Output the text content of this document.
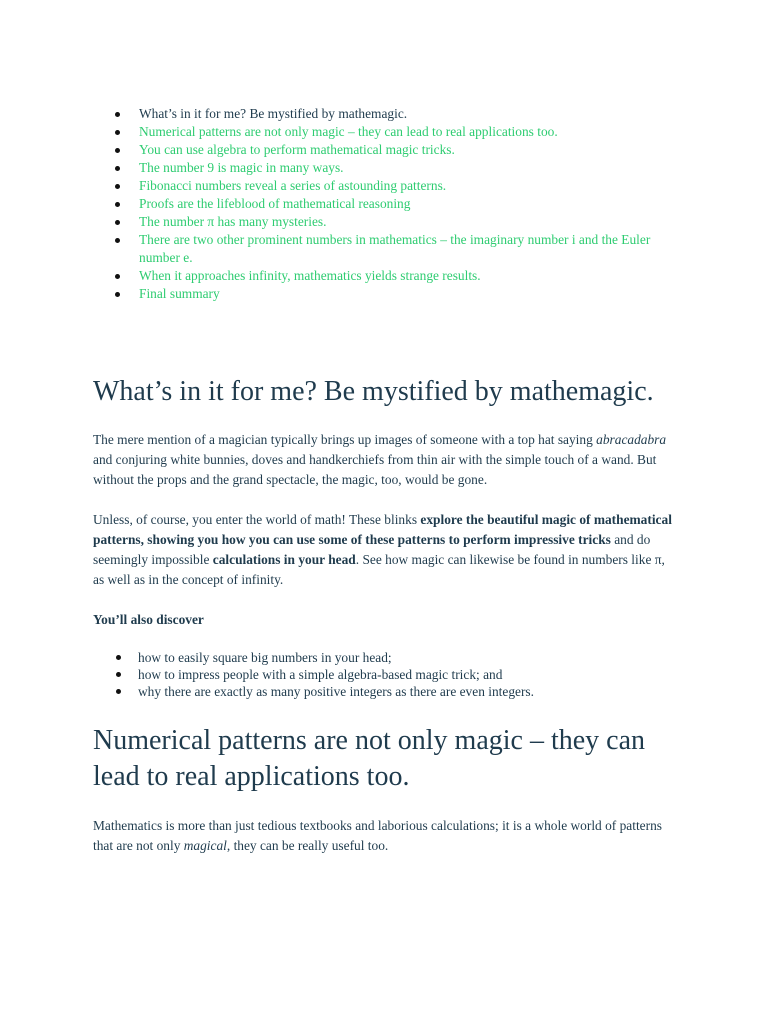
What’s in it for me? Be mystified by mathemagic.
Numerical patterns are not only magic – they can lead to real applications too.
You can use algebra to perform mathematical magic tricks.
The number 9 is magic in many ways.
Fibonacci numbers reveal a series of astounding patterns.
Proofs are the lifeblood of mathematical reasoning
The number π has many mysteries.
There are two other prominent numbers in mathematics – the imaginary number i and the Euler number e.
When it approaches infinity, mathematics yields strange results.
Final summary
What’s in it for me? Be mystified by mathemagic.

The mere mention of a magician typically brings up images of someone with a top hat saying abracadabra and conjuring white bunnies, doves and handkerchiefs from thin air with the simple touch of a wand. But without the props and the grand spectacle, the magic, too, would be gone.

Unless, of course, you enter the world of math! These blinks explore the beautiful magic of mathematical patterns, showing you how you can use some of these patterns to perform impressive tricks and do seemingly impossible calculations in your head. See how magic can likewise be found in numbers like π, as well as in the concept of infinity.

You’ll also discover

how to easily square big numbers in your head;
how to impress people with a simple algebra-based magic trick; and
why there are exactly as many positive integers as there are even integers.
Numerical patterns are not only magic – they can lead to real applications too.

Mathematics is more than just tedious textbooks and laborious calculations; it is a whole world of patterns that are not only magical, they can be really useful too.
